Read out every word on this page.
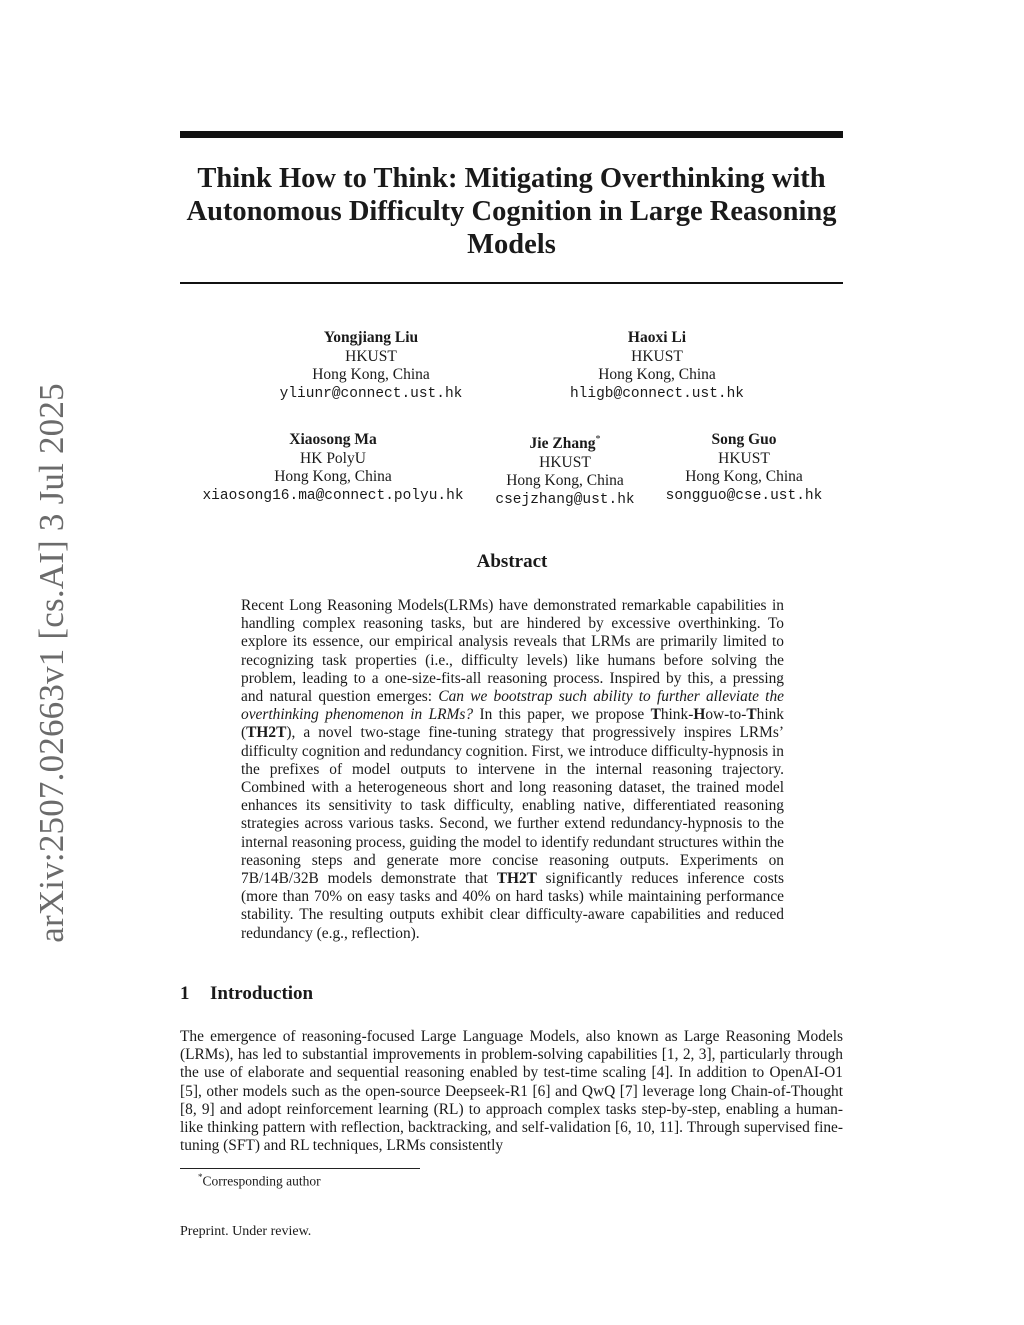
arXiv:2507.02663v1 [cs.AI] 3 Jul 2025
Think How to Think: Mitigating Overthinking with Autonomous Difficulty Cognition in Large Reasoning Models
Yongjiang Liu
HKUST
Hong Kong, China
yliunr@connect.ust.hk
Haoxi Li
HKUST
Hong Kong, China
hligb@connect.ust.hk
Xiaosong Ma
HK PolyU
Hong Kong, China
xiaosong16.ma@connect.polyu.hk
Jie Zhang*
HKUST
Hong Kong, China
csejzhang@ust.hk
Song Guo
HKUST
Hong Kong, China
songguo@cse.ust.hk
Abstract

Recent Long Reasoning Models(LRMs) have demonstrated remarkable capabilities in handling complex reasoning tasks, but are hindered by excessive overthinking. To explore its essence, our empirical analysis reveals that LRMs are primarily limited to recognizing task properties (i.e., difficulty levels) like humans before solving the problem, leading to a one-size-fits-all reasoning process. Inspired by this, a pressing and natural question emerges: Can we bootstrap such ability to further alleviate the overthinking phenomenon in LRMs? In this paper, we propose Think-How-to-Think (TH2T), a novel two-stage fine-tuning strategy that progressively inspires LRMs’ difficulty cognition and redundancy cognition. First, we introduce difficulty-hypnosis in the prefixes of model outputs to intervene in the internal reasoning trajectory. Combined with a heterogeneous short and long reasoning dataset, the trained model enhances its sensitivity to task difficulty, enabling native, differentiated reasoning strategies across various tasks. Second, we further extend redundancy-hypnosis to the internal reasoning process, guiding the model to identify redundant structures within the reasoning steps and generate more concise reasoning outputs. Experiments on 7B/14B/32B models demonstrate that TH2T significantly reduces inference costs (more than 70% on easy tasks and 40% on hard tasks) while maintaining performance stability. The resulting outputs exhibit clear difficulty-aware capabilities and reduced redundancy (e.g., reflection).

1 Introduction

The emergence of reasoning-focused Large Language Models, also known as Large Reasoning Models (LRMs), has led to substantial improvements in problem-solving capabilities [1, 2, 3], particularly through the use of elaborate and sequential reasoning enabled by test-time scaling [4]. In addition to OpenAI-O1 [5], other models such as the open-source Deepseek-R1 [6] and QwQ [7] leverage long Chain-of-Thought [8, 9] and adopt reinforcement learning (RL) to approach complex tasks step-by-step, enabling a human-like thinking pattern with reflection, backtracking, and self-validation [6, 10, 11]. Through supervised fine-tuning (SFT) and RL techniques, LRMs consistently

*Corresponding author
Preprint. Under review.
